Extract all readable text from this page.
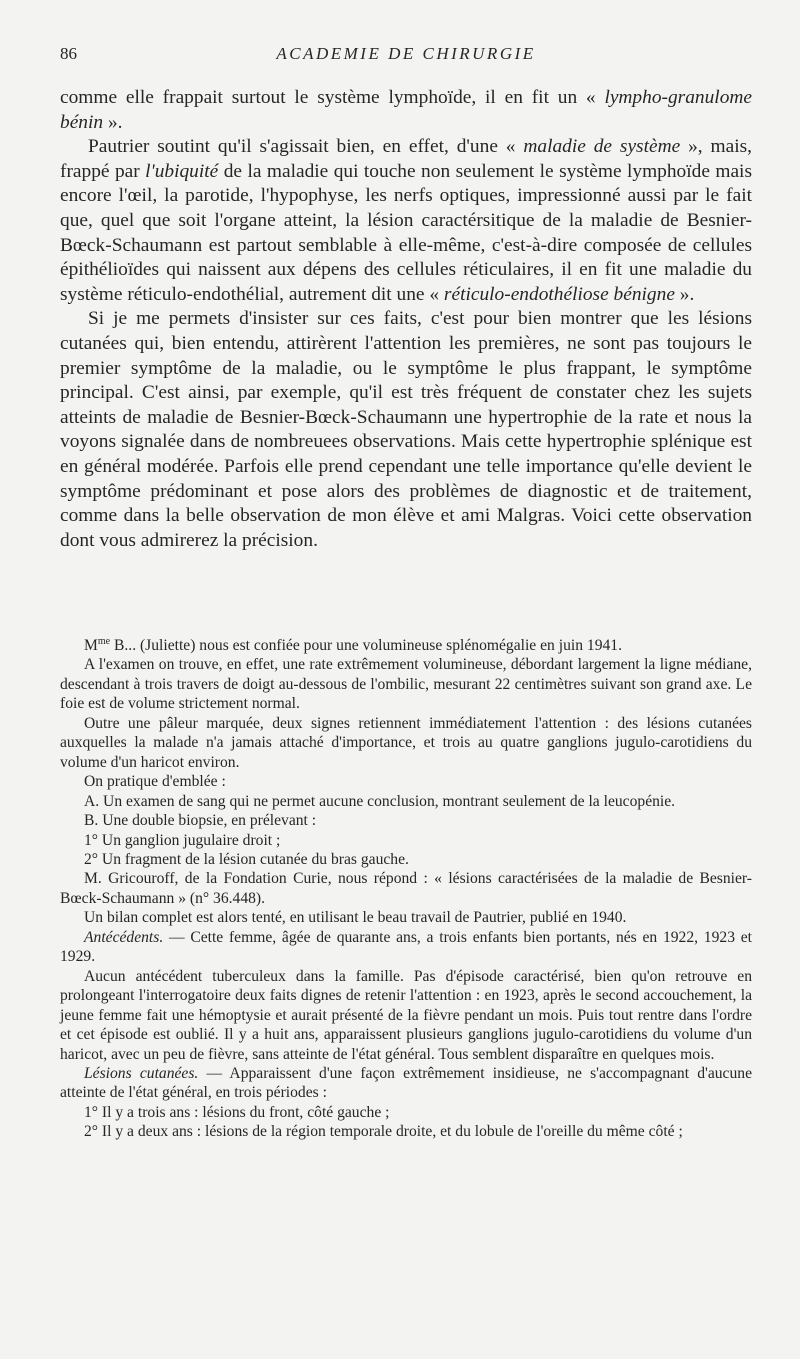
86	ACADEMIE DE CHIRURGIE

comme elle frappait surtout le système lymphoïde, il en fit un « lympho-granulome bénin ».

Pautrier soutint qu'il s'agissait bien, en effet, d'une « maladie de système », mais, frappé par l'ubiquité de la maladie qui touche non seulement le système lymphoïde mais encore l'œil, la parotide, l'hypophyse, les nerfs optiques, impressionné aussi par le fait que, quel que soit l'organe atteint, la lésion caractérsitique de la maladie de Besnier-Bœck-Schaumann est partout semblable à elle-même, c'est-à-dire composée de cellules épithélioïdes qui naissent aux dépens des cellules réticulaires, il en fit une maladie du système réticulo-endothélial, autrement dit une « réticulo-endothéliose bénigne ».

Si je me permets d'insister sur ces faits, c'est pour bien montrer que les lésions cutanées qui, bien entendu, attirèrent l'attention les premières, ne sont pas toujours le premier symptôme de la maladie, ou le symptôme le plus frappant, le symptôme principal. C'est ainsi, par exemple, qu'il est très fréquent de constater chez les sujets atteints de maladie de Besnier-Bœck-Schaumann une hypertrophie de la rate et nous la voyons signalée dans de nombreuees observations. Mais cette hypertrophie splénique est en général modérée. Parfois elle prend cependant une telle importance qu'elle devient le symptôme prédominant et pose alors des problèmes de diagnostic et de traitement, comme dans la belle observation de mon élève et ami Malgras. Voici cette observation dont vous admirerez la précision.

$M^{me}$ B... (Juliette) nous est confiée pour une volumineuse splénomégalie en juin 1941.

A l'examen on trouve, en effet, une rate extrêmement volumineuse, débordant largement la ligne médiane, descendant à trois travers de doigt au-dessous de l'ombilic, mesurant 22 centimètres suivant son grand axe. Le foie est de volume strictement normal.

Outre une pâleur marquée, deux signes retiennent immédiatement l'attention : des lésions cutanées auxquelles la malade n'a jamais attaché d'importance, et trois au quatre ganglions jugulo-carotidiens du volume d'un haricot environ.

On pratique d'emblée :

A. Un examen de sang qui ne permet aucune conclusion, montrant seulement de la leucopénie.

B. Une double biopsie, en prélevant :

1° Un ganglion jugulaire droit ;

2° Un fragment de la lésion cutanée du bras gauche.

M. Gricouroff, de la Fondation Curie, nous répond : « lésions caractérisées de la maladie de Besnier-Bœck-Schaumann » (n° 36.448).

Un bilan complet est alors tenté, en utilisant le beau travail de Pautrier, publié en 1940.

Antécédents. — Cette femme, âgée de quarante ans, a trois enfants bien portants, nés en 1922, 1923 et 1929.

Aucun antécédent tuberculeux dans la famille. Pas d'épisode caractérisé, bien qu'on retrouve en prolongeant l'interrogatoire deux faits dignes de retenir l'attention : en 1923, après le second accouchement, la jeune femme fait une hémoptysie et aurait présenté de la fièvre pendant un mois. Puis tout rentre dans l'ordre et cet épisode est oublié. Il y a huit ans, apparaissent plusieurs ganglions jugulo-carotidiens du volume d'un haricot, avec un peu de fièvre, sans atteinte de l'état général. Tous semblent disparaître en quelques mois.

Lésions cutanées. — Apparaissent d'une façon extrêmement insidieuse, ne s'accompagnant d'aucune atteinte de l'état général, en trois périodes :

1° Il y a trois ans : lésions du front, côté gauche ;

2° Il y a deux ans : lésions de la région temporale droite, et du lobule de l'oreille du même côté ;
